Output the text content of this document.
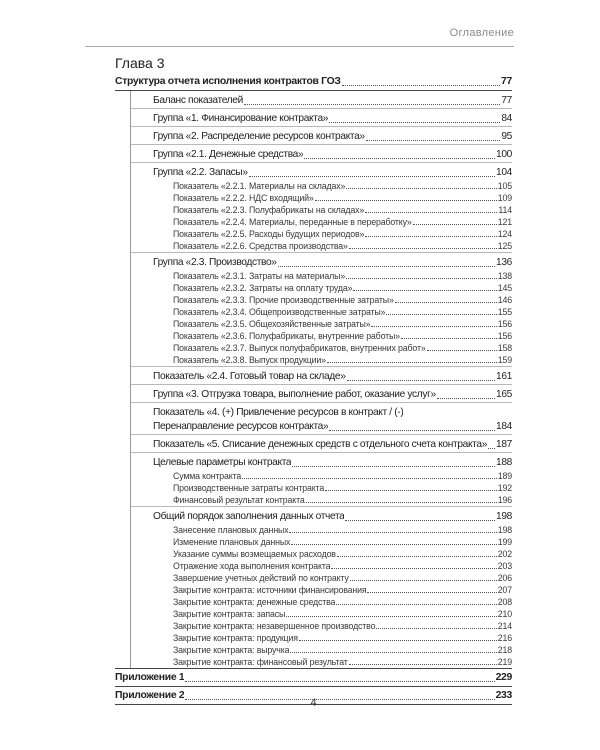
Оглавление
Глава 3
Структура отчета исполнения контрактов ГОЗ	77
Баланс показателей	77
Группа «1. Финансирование контракта»	84
Группа «2. Распределение ресурсов контракта»	95
Группа «2.1. Денежные средства»	100
Группа «2.2. Запасы»	104
Показатель «2.2.1. Материалы на складах»	105
Показатель «2.2.2. НДС входящий»	109
Показатель «2.2.3. Полуфабрикаты на складах»	114
Показатель «2.2.4. Материалы, переданные в переработку»	121
Показатель «2.2.5. Расходы будущих периодов»	124
Показатель «2.2.6. Средства производства»	125
Группа «2.3. Производство»	136
Показатель «2.3.1. Затраты на материалы»	138
Показатель «2.3.2. Затраты на оплату труда»	145
Показатель «2.3.3. Прочие производственные затраты»	146
Показатель «2.3.4. Общепроизводственные затраты»	155
Показатель «2.3.5. Общехозяйственные затраты»	156
Показатель «2.3.6. Полуфабрикаты, внутренние работы»	156
Показатель «2.3.7. Выпуск полуфабрикатов, внутренних работ»	158
Показатель «2.3.8. Выпуск продукции»	159
Показатель «2.4. Готовый товар на складе»	161
Группа «3. Отгрузка товара, выполнение работ, оказание услуг»	165
Показатель «4. (+) Привлечение ресурсов в контракт / (-)
Перенаправление ресурсов контракта»	184
Показатель «5. Списание денежных средств с отдельного счета контракта» 187
Целевые параметры контракта	188
Сумма контракта	189
Производственные затраты контракта	192
Финансовый результат контракта	196
Общий порядок заполнения данных отчета	198
Занесение плановых данных	198
Изменение плановых данных	199
Указание суммы возмещаемых расходов	202
Отражение хода выполнения контракта	203
Завершение учетных действий по контракту	206
Закрытие контракта: источники финансирования	207
Закрытие контракта: денежные средства	208
Закрытие контракта: запасы	210
Закрытие контракта: незавершенное производство	214
Закрытие контракта: продукция	216
Закрытие контракта: выручка	218
Закрытие контракта: финансовый результат	219
Приложение 1	229
Приложение 2	233
4
